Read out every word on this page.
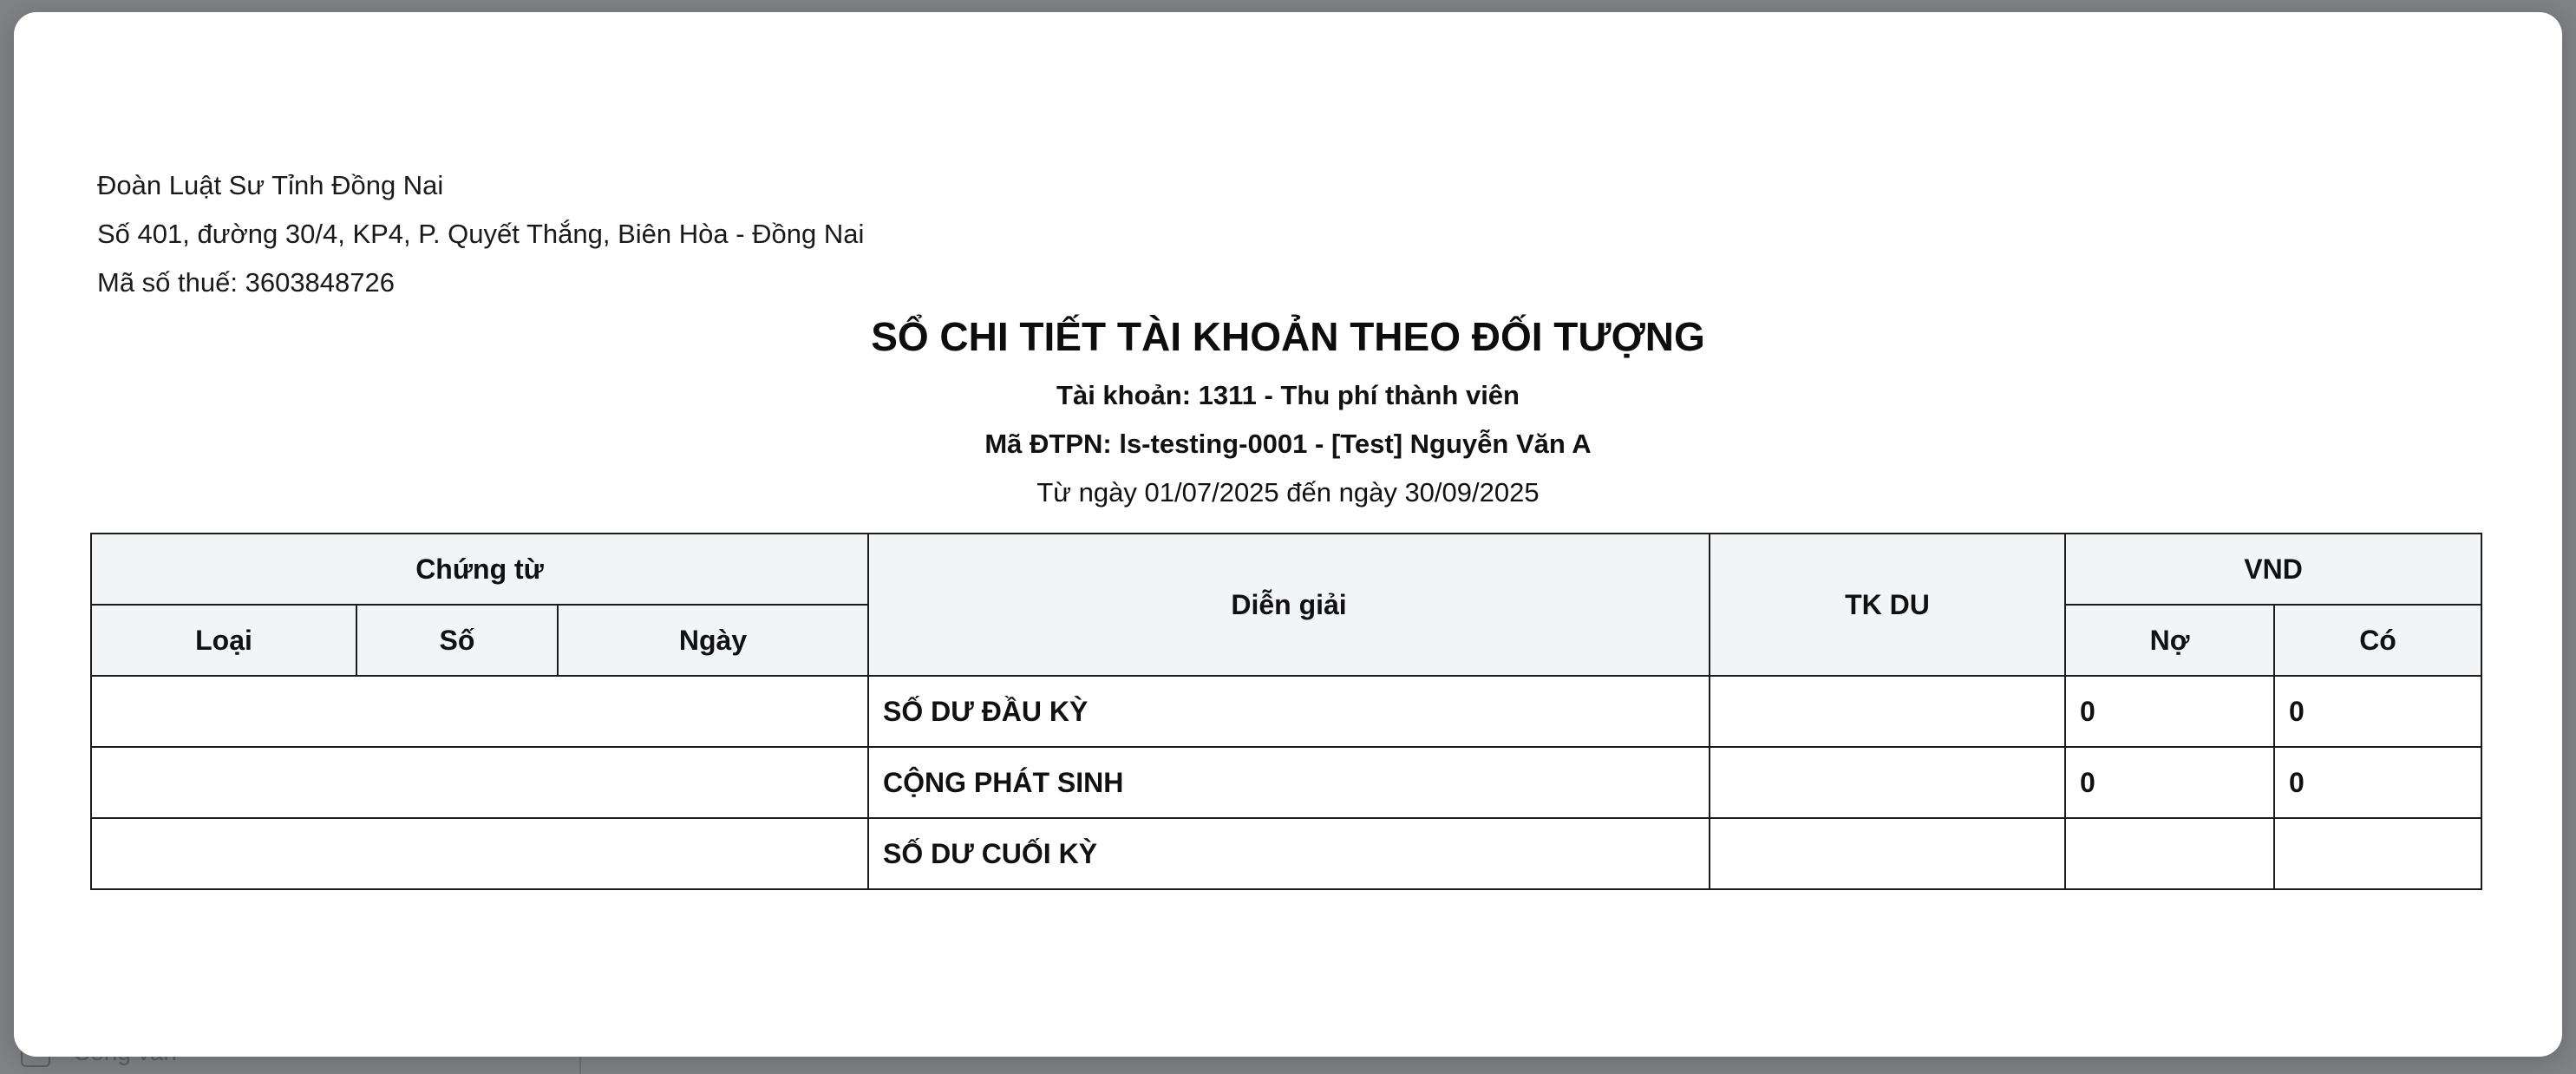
Đoàn Luật Sư Tỉnh Đồng Nai
Số 401, đường 30/4, KP4, P. Quyết Thắng, Biên Hòa - Đồng Nai
Mã số thuế: 3603848726
SỔ CHI TIẾT TÀI KHOẢN THEO ĐỐI TƯỢNG
Tài khoản: 1311 - Thu phí thành viên
Mã ĐTPN: ls-testing-0001 - [Test] Nguyễn Văn A
Từ ngày 01/07/2025 đến ngày 30/09/2025
Chứng từ			Diễn giải	TK DU	VND	
Loại	Số	Ngày			Nợ	Có
			SỐ DƯ ĐẦU KỲ		0	0
			CỘNG PHÁT SINH		0	0
			SỐ DƯ CUỐI KỲ			
